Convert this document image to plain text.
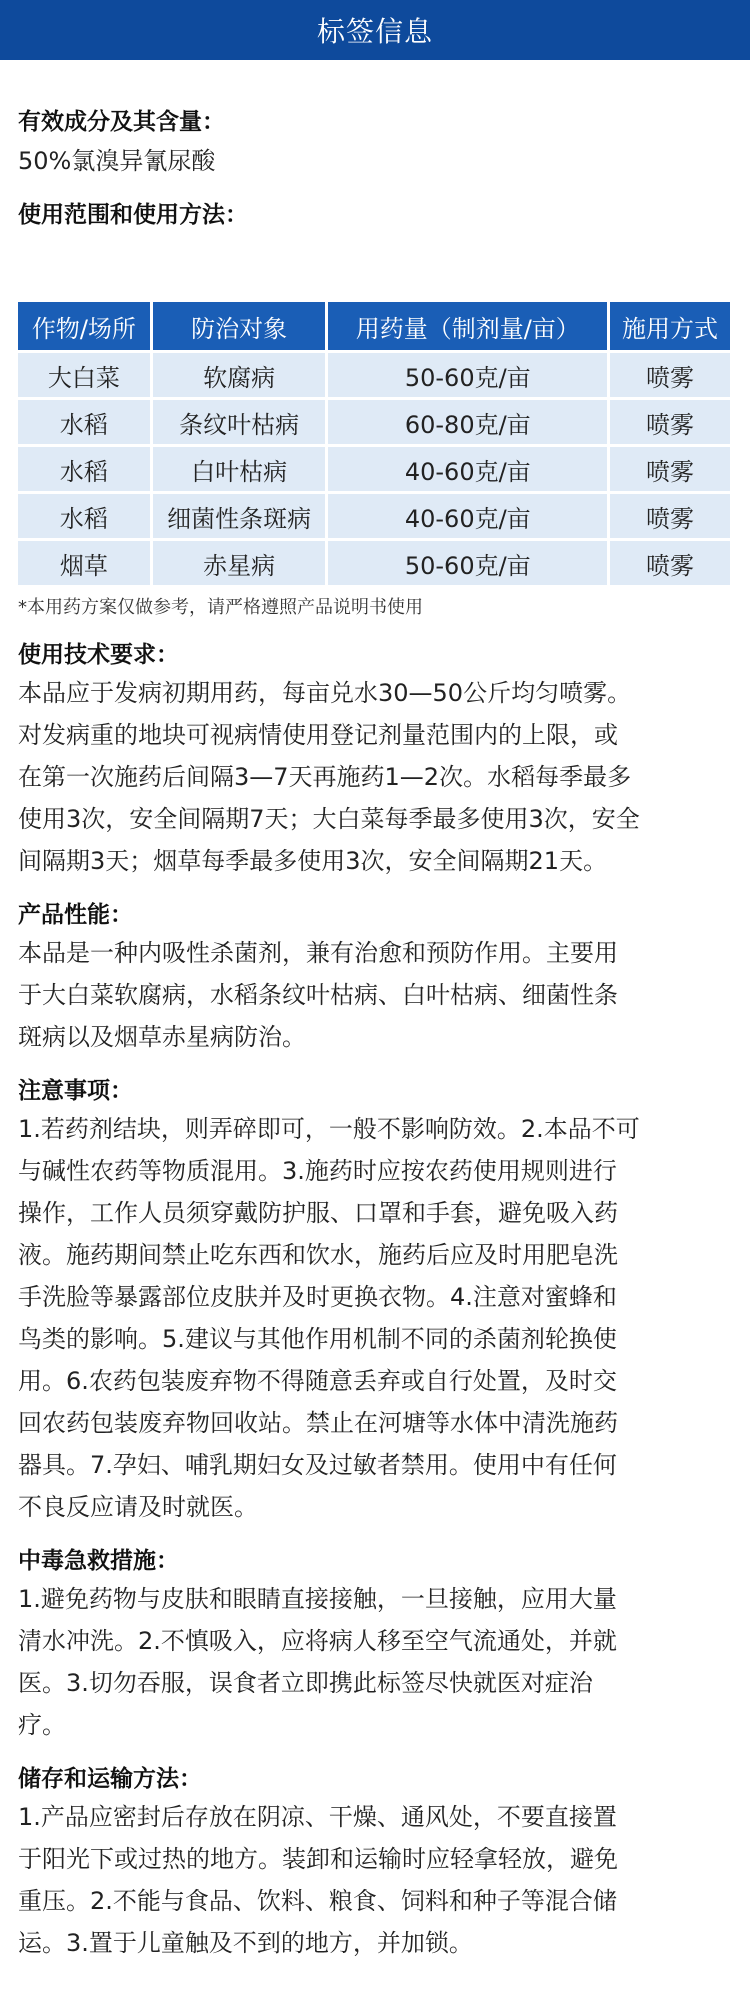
标签信息

有效成分及其含量：

50%氯溴异氰尿酸

使用范围和使用方法：

作物/场所	防治对象	用药量（制剂量/亩）	施用方式
大白菜	软腐病	50-60克/亩	喷雾
水稻	条纹叶枯病	60-80克/亩	喷雾
水稻	白叶枯病	40-60克/亩	喷雾
水稻	细菌性条斑病	40-60克/亩	喷雾
烟草	赤星病	50-60克/亩	喷雾

*本用药方案仅做参考，请严格遵照产品说明书使用

使用技术要求：

本品应于发病初期用药，每亩兑水30—50公斤均匀喷雾。

对发病重的地块可视病情使用登记剂量范围内的上限，或

在第一次施药后间隔3—7天再施药1—2次。水稻每季最多

使用3次，安全间隔期7天；大白菜每季最多使用3次，安全

间隔期3天；烟草每季最多使用3次，安全间隔期21天。

产品性能：

本品是一种内吸性杀菌剂，兼有治愈和预防作用。主要用

于大白菜软腐病，水稻条纹叶枯病、白叶枯病、细菌性条

斑病以及烟草赤星病防治。

注意事项：

1.若药剂结块，则弄碎即可，一般不影响防效。2.本品不可

与碱性农药等物质混用。3.施药时应按农药使用规则进行

操作，工作人员须穿戴防护服、口罩和手套，避免吸入药

液。施药期间禁止吃东西和饮水，施药后应及时用肥皂洗

手洗脸等暴露部位皮肤并及时更换衣物。4.注意对蜜蜂和

鸟类的影响。5.建议与其他作用机制不同的杀菌剂轮换使

用。6.农药包装废弃物不得随意丢弃或自行处置，及时交

回农药包装废弃物回收站。禁止在河塘等水体中清洗施药

器具。7.孕妇、哺乳期妇女及过敏者禁用。使用中有任何

不良反应请及时就医。

中毒急救措施：

1.避免药物与皮肤和眼睛直接接触，一旦接触，应用大量

清水冲洗。2.不慎吸入，应将病人移至空气流通处，并就

医。3.切勿吞服，误食者立即携此标签尽快就医对症治

疗。

储存和运输方法：

1.产品应密封后存放在阴凉、干燥、通风处，不要直接置

于阳光下或过热的地方。装卸和运输时应轻拿轻放，避免

重压。2.不能与食品、饮料、粮食、饲料和种子等混合储

运。3.置于儿童触及不到的地方，并加锁。
